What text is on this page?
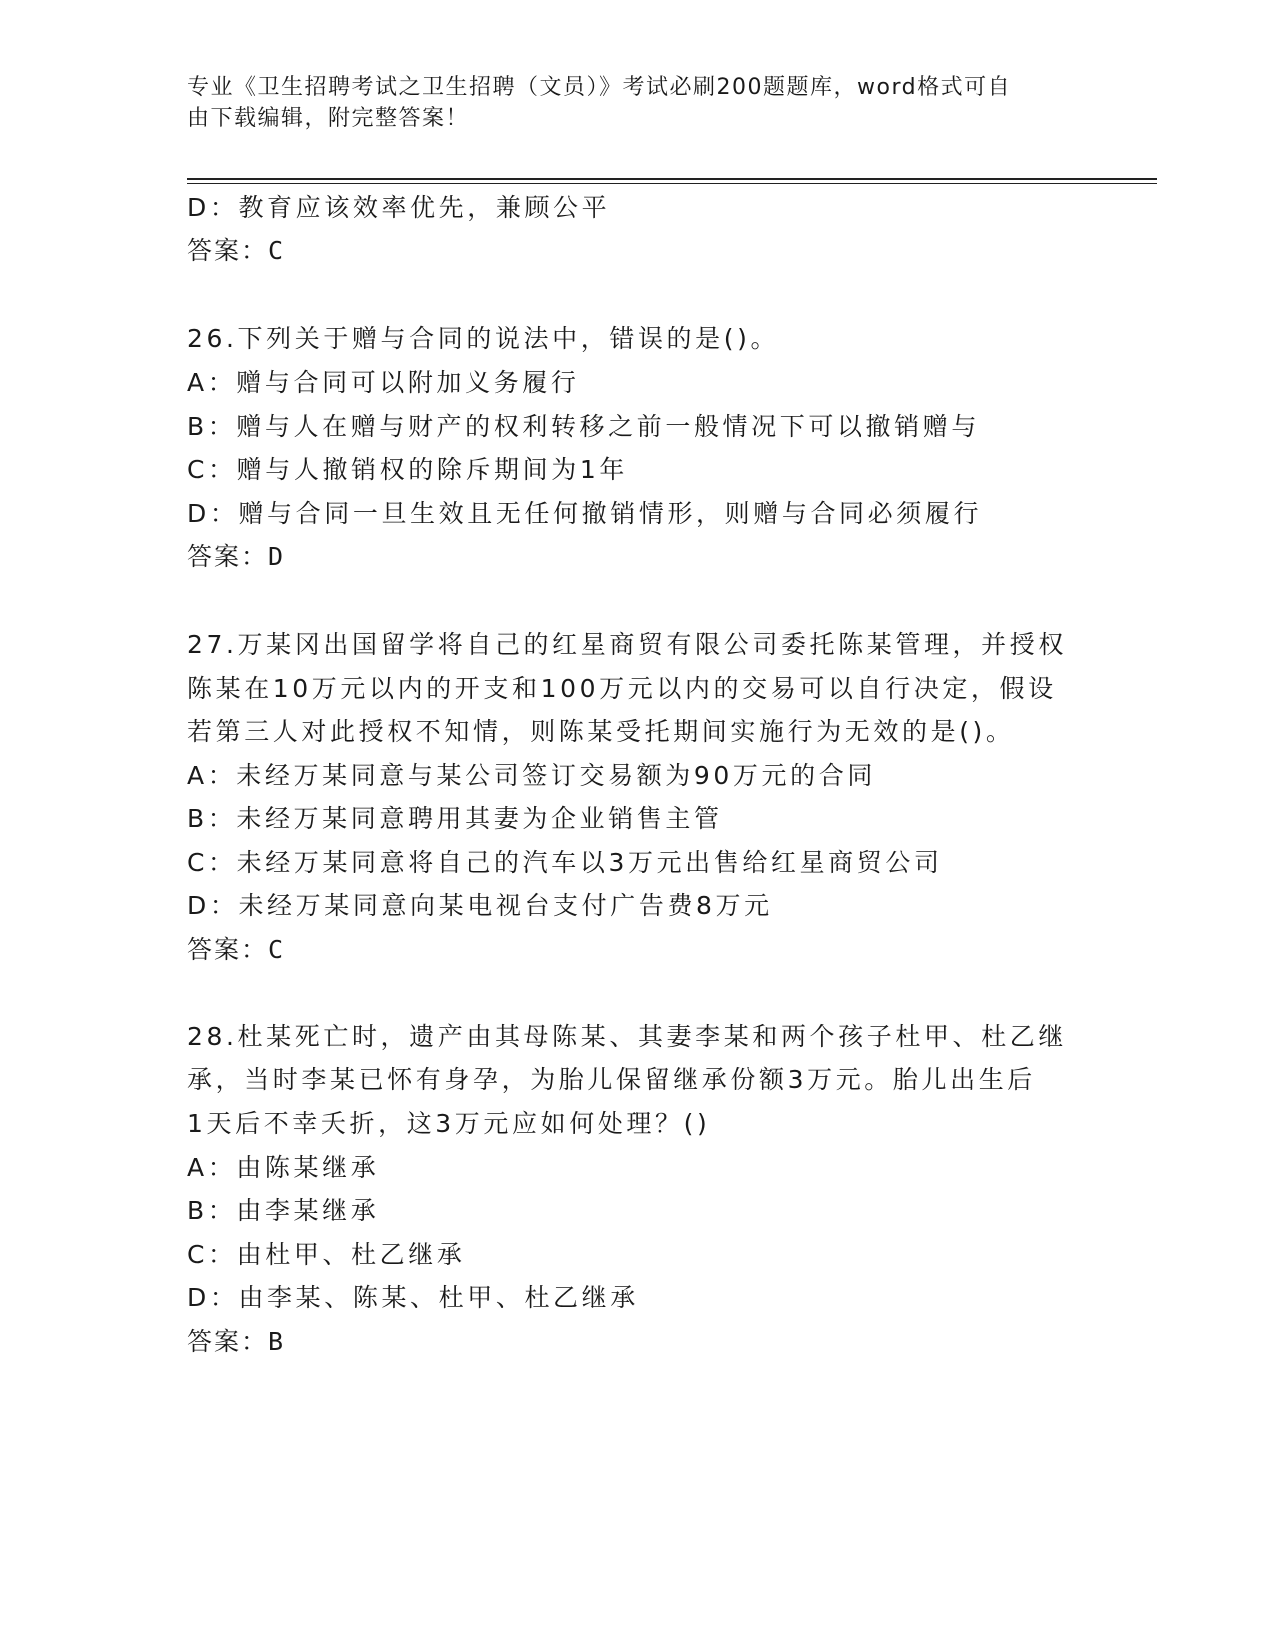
专业《卫生招聘考试之卫生招聘（文员）》考试必刷200题题库，word格式可自
由下载编辑，附完整答案！
D：教育应该效率优先，兼顾公平
答案：C
26.下列关于赠与合同的说法中，错误的是()。
A：赠与合同可以附加义务履行
B：赠与人在赠与财产的权利转移之前一般情况下可以撤销赠与
C：赠与人撤销权的除斥期间为1年
D：赠与合同一旦生效且无任何撤销情形，则赠与合同必须履行
答案：D
27.万某冈出国留学将自己的红星商贸有限公司委托陈某管理，并授权
陈某在10万元以内的开支和100万元以内的交易可以自行决定，假设
若第三人对此授权不知情，则陈某受托期间实施行为无效的是()。
A：未经万某同意与某公司签订交易额为90万元的合同
B：未经万某同意聘用其妻为企业销售主管
C：未经万某同意将自己的汽车以3万元出售给红星商贸公司
D：未经万某同意向某电视台支付广告费8万元
答案：C
28.杜某死亡时，遗产由其母陈某、其妻李某和两个孩子杜甲、杜乙继
承，当时李某已怀有身孕，为胎儿保留继承份额3万元。胎儿出生后
1天后不幸夭折，这3万元应如何处理？()
A：由陈某继承
B：由李某继承
C：由杜甲、杜乙继承
D：由李某、陈某、杜甲、杜乙继承
答案：B
